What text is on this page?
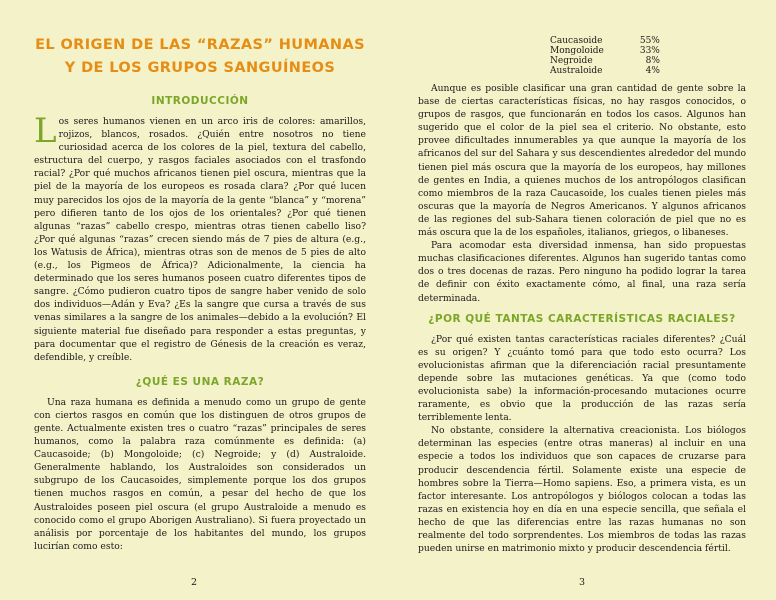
EL ORIGEN DE LAS “RAZAS” HUMANAS
Y DE LOS GRUPOS SANGUÍNEOS
INTRODUCCIÓN

Los seres humanos vienen en un arco iris de colores: amarillos, rojizos, blancos, rosados. ¿Quién entre nosotros no tiene curiosidad acerca de los colores de la piel, textura del cabello, estructura del cuerpo, y rasgos faciales asociados con el trasfondo racial? ¿Por qué muchos africanos tienen piel oscura, mientras que la piel de la mayoría de los europeos es rosada clara? ¿Por qué lucen muy parecidos los ojos de la mayoría de la gente “blanca” y “morena” pero difieren tanto de los ojos de los orientales? ¿Por qué tienen algunas “razas” cabello crespo, mientras otras tienen cabello liso? ¿Por qué algunas “razas” crecen siendo más de 7 pies de altura (e.g., los Watusis de África), mientras otras son de menos de 5 pies de alto (e.g., los Pigmeos de África)? Adicionalmente, la ciencia ha determinado que los seres humanos poseen cuatro diferentes tipos de sangre. ¿Cómo pudieron cuatro tipos de sangre haber venido de solo dos individuos—Adán y Eva? ¿Es la sangre que cursa a través de sus venas similares a la sangre de los animales—debido a la evolución? El siguiente material fue diseñado para responder a estas preguntas, y para documentar que el registro de Génesis de la creación es veraz, defendible, y creíble.

¿QUÉ ES UNA RAZA?

Una raza humana es definida a menudo como un grupo de gente con ciertos rasgos en común que los distinguen de otros grupos de gente. Actualmente existen tres o cuatro “razas” principales de seres humanos, como la palabra raza comúnmente es definida: (a) Caucasoide; (b) Mongoloide; (c) Negroide; y (d) Australoide. Generalmente hablando, los Australoides son considerados un subgrupo de los Caucasoides, simplemente porque los dos grupos tienen muchos rasgos en común, a pesar del hecho de que los Australoides poseen piel oscura (el grupo Australoide a menudo es conocido como el grupo Aborigen Australiano). Si fuera proyectado un análisis por porcentaje de los habitantes del mundo, los grupos lucirían como esto:

2
Caucasoide	55%
Mongoloide	33%
Negroide	8%
Australoide	4%

Aunque es posible clasificar una gran cantidad de gente sobre la base de ciertas características físicas, no hay rasgos conocidos, o grupos de rasgos, que funcionarán en todos los casos. Algunos han sugerido que el color de la piel sea el criterio. No obstante, esto provee dificultades innumerables ya que aunque la mayoría de los africanos del sur del Sahara y sus descendientes alrededor del mundo tienen piel más oscura que la mayoría de los europeos, hay millones de gentes en India, a quienes muchos de los antropólogos clasifican como miembros de la raza Caucasoide, los cuales tienen pieles más oscuras que la mayoría de Negros Americanos. Y algunos africanos de las regiones del sub-Sahara tienen coloración de piel que no es más oscura que la de los españoles, italianos, griegos, o libaneses.

Para acomodar esta diversidad inmensa, han sido propuestas muchas clasificaciones diferentes. Algunos han sugerido tantas como dos o tres docenas de razas. Pero ninguno ha podido lograr la tarea de definir con éxito exactamente cómo, al final, una raza sería determinada.

¿POR QUÉ TANTAS CARACTERÍSTICAS RACIALES?

¿Por qué existen tantas características raciales diferentes? ¿Cuál es su origen? Y ¿cuánto tomó para que todo esto ocurra? Los evolucionistas afirman que la diferenciación racial presuntamente depende sobre las mutaciones genéticas. Ya que (como todo evolucionista sabe) la información-procesando mutaciones ocurre raramente, es obvio que la producción de las razas sería terriblemente lenta.

No obstante, considere la alternativa creacionista. Los biólogos determinan las especies (entre otras maneras) al incluir en una especie a todos los individuos que son capaces de cruzarse para producir descendencia fértil. Solamente existe una especie de hombres sobre la Tierra—Homo sapiens. Eso, a primera vista, es un factor interesante. Los antropólogos y biólogos colocan a todas las razas en existencia hoy en día en una especie sencilla, que señala el hecho de que las diferencias entre las razas humanas no son realmente del todo sorprendentes. Los miembros de todas las razas pueden unirse en matrimonio mixto y producir descendencia fértil.

3
